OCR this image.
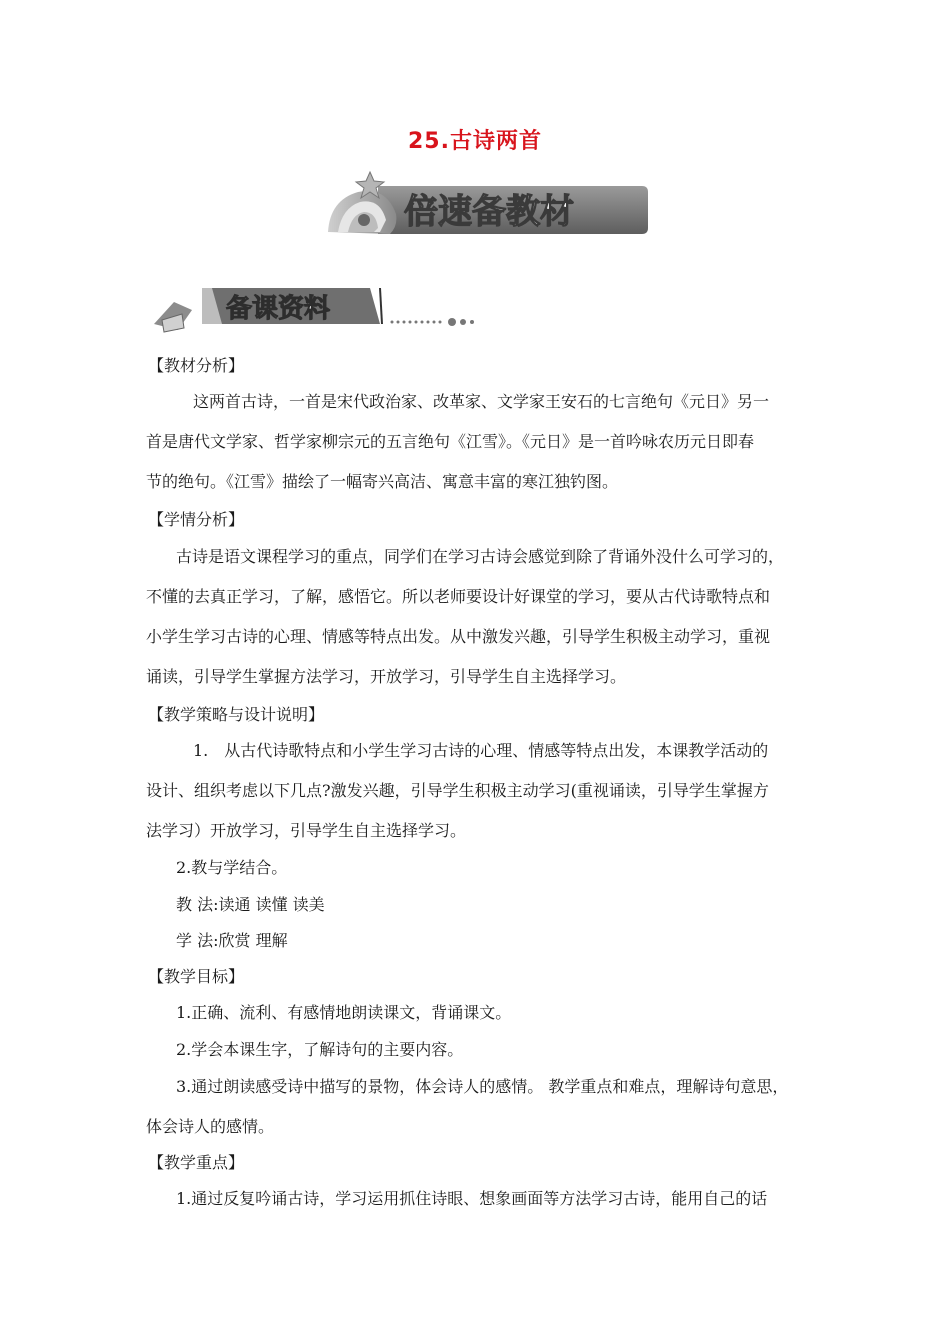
25.古诗两首
倍速备教材
备课资料
【教材分析】
这两首古诗，一首是宋代政治家、改革家、文学家王安石的七言绝句《元日》另一
首是唐代文学家、哲学家柳宗元的五言绝句《江雪》。《元日》是一首吟咏农历元日即春
节的绝句。《江雪》描绘了一幅寄兴高洁、寓意丰富的寒江独钓图。
【学情分析】
古诗是语文课程学习的重点，同学们在学习古诗会感觉到除了背诵外没什么可学习的，
不懂的去真正学习，了解，感悟它。所以老师要设计好课堂的学习，要从古代诗歌特点和
小学生学习古诗的心理、情感等特点出发。从中激发兴趣，引导学生积极主动学习，重视
诵读，引导学生掌握方法学习，开放学习，引导学生自主选择学习。
【教学策略与设计说明】
1.　从古代诗歌特点和小学生学习古诗的心理、情感等特点出发，本课教学活动的
设计、组织考虑以下几点?激发兴趣，引导学生积极主动学习(重视诵读，引导学生掌握方
法学习）开放学习，引导学生自主选择学习。
2.教与学结合。
教 法:读通 读懂 读美
学 法:欣赏 理解
【教学目标】
1.正确、流利、有感情地朗读课文，背诵课文。
2.学会本课生字，了解诗句的主要内容。
3.通过朗读感受诗中描写的景物，体会诗人的感情。 教学重点和难点，理解诗句意思，
体会诗人的感情。
【教学重点】
1.通过反复吟诵古诗，学习运用抓住诗眼、想象画面等方法学习古诗，能用自己的话
